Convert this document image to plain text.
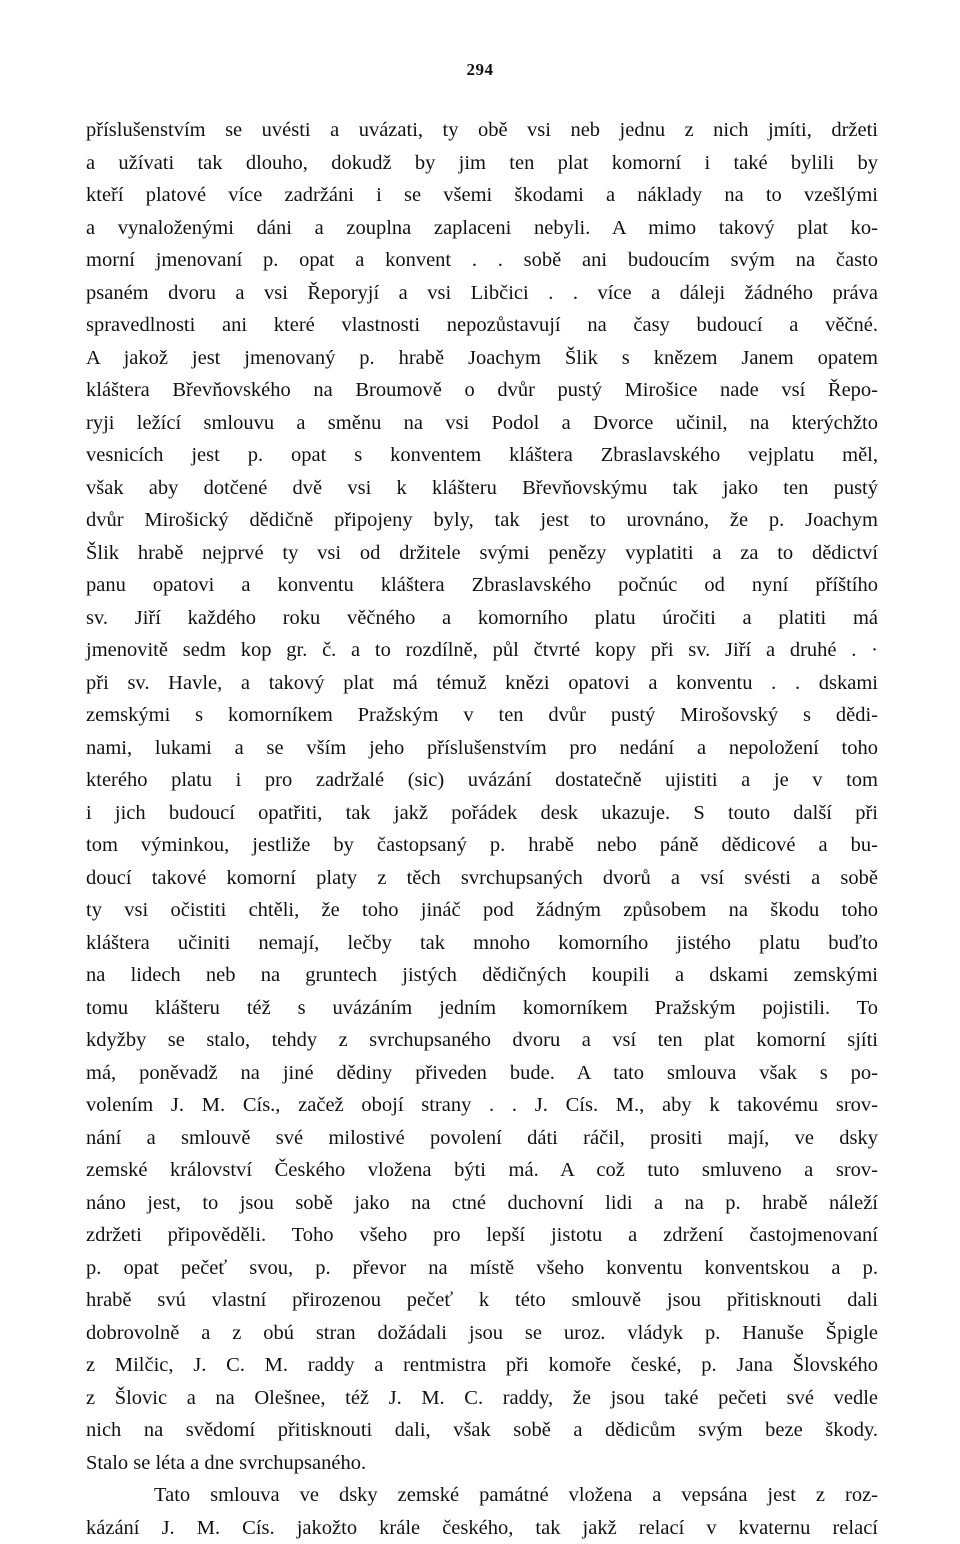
294
příslušenstvím se uvésti a uvázati, ty obě vsi neb jednu z nich jmíti, držeti
a užívati tak dlouho, dokudž by jim ten plat komorní i také bylili by
kteří platové více zadržáni i se všemi škodami a náklady na to vzešlými
a vynaloženými dáni a zouplna zaplaceni nebyli. A mimo takový plat ko-
morní jmenovaní p. opat a konvent . . sobě ani budoucím svým na často
psaném dvoru a vsi Řeporyjí a vsi Libčici . . více a dáleji žádného práva
spravedlnosti ani které vlastnosti nepozůstavují na časy budoucí a věčné.
A jakož jest jmenovaný p. hrabě Joachym Šlik s knězem Janem opatem
kláštera Břevňovského na Broumově o dvůr pustý Mirošice nade vsí Řepo-
ryji ležící smlouvu a směnu na vsi Podol a Dvorce učinil, na kterýchžto
vesnicích jest p. opat s konventem kláštera Zbraslavského vejplatu měl,
však aby dotčené dvě vsi k klášteru Břevňovskýmu tak jako ten pustý
dvůr Mirošický dědičně připojeny byly, tak jest to urovnáno, že p. Joachym
Šlik hrabě nejprvé ty vsi od držitele svými penězy vyplatiti a za to dědictví
panu opatovi a konventu kláštera Zbraslavského počnúc od nyní příštího
sv. Jiří každého roku věčného a komorního platu úročiti a platiti má
jmenovitě sedm kop gr. č. a to rozdílně, půl čtvrté kopy při sv. Jiří a druhé . ·
při sv. Havle, a takový plat má témuž knězi opatovi a konventu . . dskami
zemskými s komorníkem Pražským v ten dvůr pustý Mirošovský s dědi-
nami, lukami a se vším jeho příslušenstvím pro nedání a nepoložení toho
kterého platu i pro zadržalé (sic) uvázání dostatečně ujistiti a je v tom
i jich budoucí opatřiti, tak jakž pořádek desk ukazuje. S touto další při
tom výminkou, jestliže by častopsaný p. hrabě nebo páně dědicové a bu-
doucí takové komorní platy z těch svrchupsaných dvorů a vsí svésti a sobě
ty vsi očistiti chtěli, že toho jináč pod žádným způsobem na škodu toho
kláštera učiniti nemají, lečby tak mnoho komorního jistého platu buďto
na lidech neb na gruntech jistých dědičných koupili a dskami zemskými
tomu klášteru též s uvázáním jedním komorníkem Pražským pojistili. To
kdyžby se stalo, tehdy z svrchupsaného dvoru a vsí ten plat komorní sjíti
má, poněvadž na jiné dědiny přiveden bude. A tato smlouva však s po-
volením J. M. Cís., začež obojí strany . . J. Cís. M., aby k takovému srov-
nání a smlouvě své milostivé povolení dáti ráčil, prositi mají, ve dsky
zemské království Českého vložena býti má. A což tuto smluveno a srov-
náno jest, to jsou sobě jako na ctné duchovní lidi a na p. hrabě náleží
zdržeti připověděli. Toho všeho pro lepší jistotu a zdržení častojmenovaní
p. opat pečeť svou, p. převor na místě všeho konventu konventskou a p.
hrabě svú vlastní přirozenou pečeť k této smlouvě jsou přitisknouti dali
dobrovolně a z obú stran dožádali jsou se uroz. vládyk p. Hanuše Špigle
z Milčic, J. C. M. raddy a rentmistra při komoře české, p. Jana Šlovského
z Šlovic a na Olešnee, též J. M. C. raddy, že jsou také pečeti své vedle
nich na svědomí přitisknouti dali, však sobě a dědicům svým beze škody.
Stalo se léta a dne svrchupsaného.
Tato smlouva ve dsky zemské památné vložena a vepsána jest z roz-
kázání J. M. Cís. jakožto krále českého, tak jakž relací v kvaternu relací
